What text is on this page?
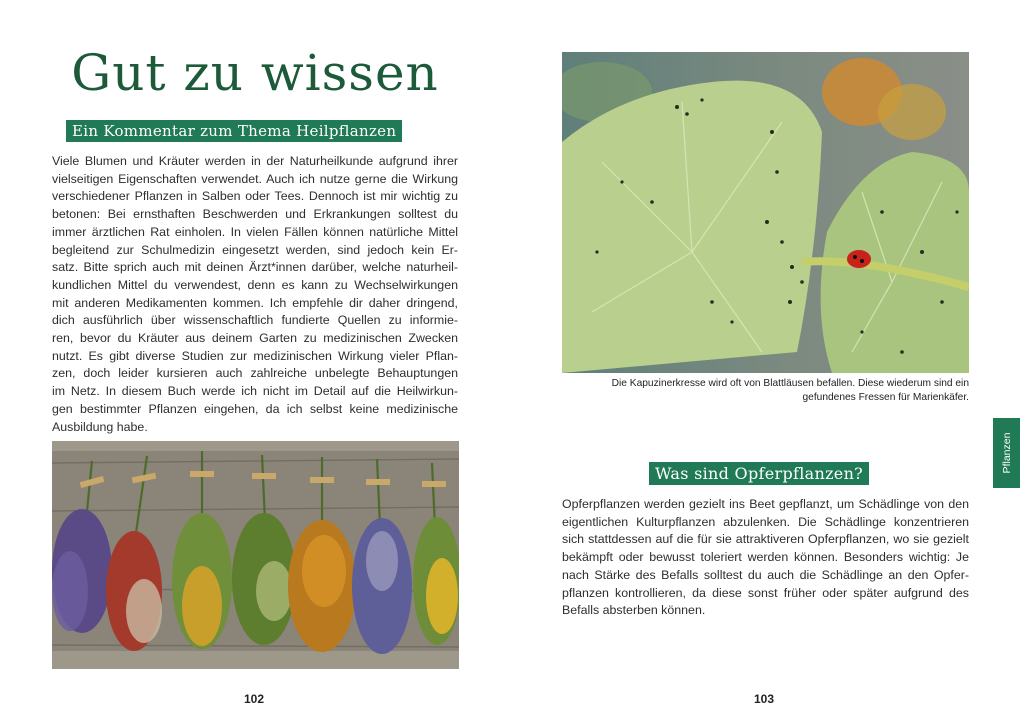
Gut zu wissen
Ein Kommentar zum Thema Heilpflanzen
Viele Blumen und Kräuter werden in der Naturheilkunde aufgrund ihrer
vielseitigen Eigenschaften verwendet. Auch ich nutze gerne die Wirkung
verschiedener Pflanzen in Salben oder Tees. Dennoch ist mir wichtig zu
betonen: Bei ernsthaften Beschwerden und Erkrankungen solltest du
immer ärztlichen Rat einholen. In vielen Fällen können natürliche Mittel
begleitend zur Schulmedizin eingesetzt werden, sind jedoch kein Er-
satz. Bitte sprich auch mit deinen Ärzt*innen darüber, welche naturheil-
kundlichen Mittel du verwendest, denn es kann zu Wechselwirkungen
mit anderen Medikamenten kommen. Ich empfehle dir daher dringend,
dich ausführlich über wissenschaftlich fundierte Quellen zu informie-
ren, bevor du Kräuter aus deinem Garten zu medizinischen Zwecken
nutzt. Es gibt diverse Studien zur medizinischen Wirkung vieler Pflan-
zen, doch leider kursieren auch zahlreiche unbelegte Behauptungen
im Netz. In diesem Buch werde ich nicht im Detail auf die Heilwirkun-
gen bestimmter Pflanzen eingehen, da ich selbst keine medizinische
Ausbildung habe.
102
Die Kapuzinerkresse wird oft von Blattläusen befallen. Diese wiederum sind ein
gefundenes Fressen für Marienkäfer.
Was sind Opferpflanzen?
Opferpflanzen werden gezielt ins Beet gepflanzt, um Schädlinge von den
eigentlichen Kulturpflanzen abzulenken. Die Schädlinge konzentrieren
sich stattdessen auf die für sie attraktiveren Opferpflanzen, wo sie gezielt
bekämpft oder bewusst toleriert werden können. Besonders wichtig: Je
nach Stärke des Befalls solltest du auch die Schädlinge an den Opfer-
pflanzen kontrollieren, da diese sonst früher oder später aufgrund des
Befalls absterben können.
Pflanzen
103
